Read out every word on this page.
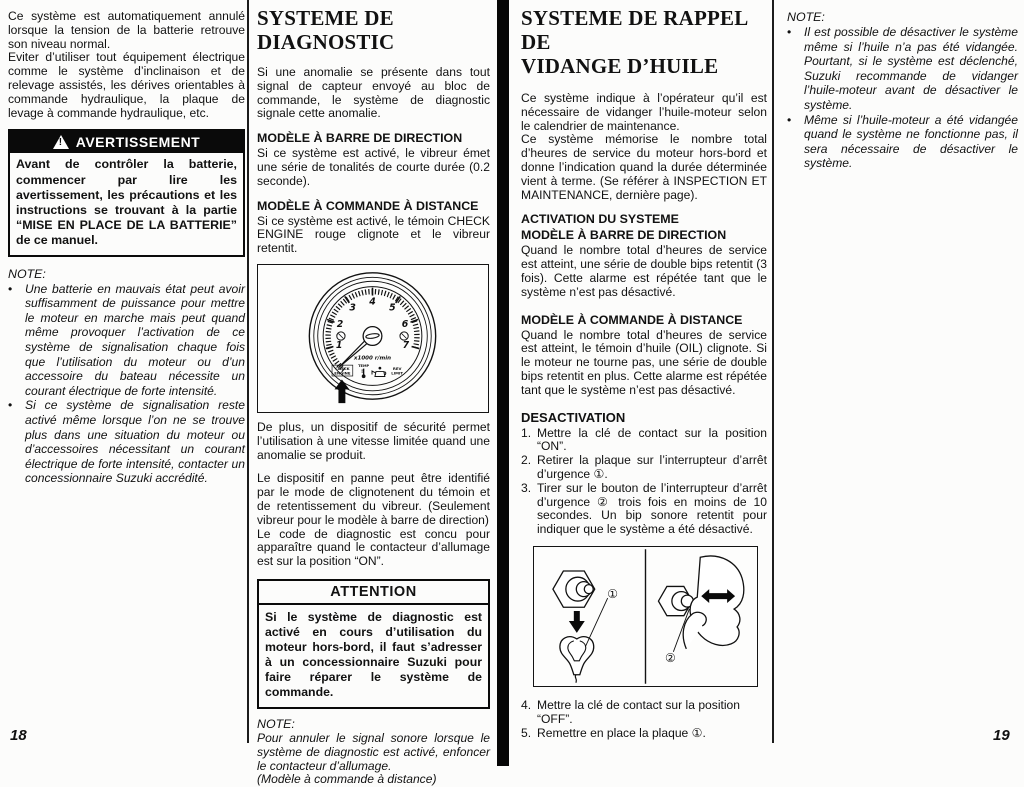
Ce système est automatiquement annulé lorsque la tension de la batterie retrouve son niveau normal.

Eviter d’utiliser tout équipement électrique comme le système d’inclinaison et de relevage assistés, les dérives orientables à commande hydraulique, la plaque de levage à commande hydraulique, etc.

! AVERTISSEMENT
Avant de contrôler la batterie, commencer par lire les avertissement, les précautions et les instructions se trouvant à la partie “MISE EN PLACE DE LA BATTERIE” de ce manuel.

NOTE:

•	Une batterie en mauvais état peut avoir suffisamment de puissance pour mettre le moteur en marche mais peut quand même provoquer l’activation de ce système de signalisation chaque fois que l’utilisation du moteur ou d’un accessoire du bateau nécessite un courant électrique de forte intensité.
•	Si ce système de signalisation reste activé même lorsque l’on ne se trouve plus dans une situation du moteur ou d’accessoires nécessitant un courant électrique de forte intensité, contacter un concessionnaire Suzuki accrédité.
SYSTEME DE
DIAGNOSTIC

Si une anomalie se présente dans tout signal de capteur envoyé au bloc de commande, le système de diagnostic signale cette anomalie.

MODÈLE À BARRE DE DIRECTION

Si ce système est activé, le vibreur émet une série de tonalités de courte durée (0.2 seconde).

MODÈLE À COMMANDE À DISTANCE

Si ce système est activé, le témoin CHECK ENGINE rouge clignote et le vibreur retentit.

1
2
3
4
5
6
7
x1000 r/min
CHECK
ENGINE
TEMP	REV
LIMIT

De plus, un dispositif de sécurité permet l’utilisation à une vitesse limitée quand une anomalie se produit.

Le dispositif en panne peut être identifié par le mode de clignotenent du témoin et de retentissement du vibreur. (Seulement vibreur pour le modèle à barre de direction)

Le code de diagnostic est concu pour apparaître quand le contacteur d’allumage est sur la position “ON”.

ATTENTION
Si le système de diagnostic est activé en cours d’utilisation du moteur hors-bord, il faut s’adresser à un concessionnaire Suzuki pour faire réparer le système de commande.

NOTE:

Pour annuler le signal sonore lorsque le système de diagnostic est activé, enfoncer le contacteur d’allumage.

(Modèle à commande à distance)

SYSTEME DE RAPPEL DE
VIDANGE D’HUILE

Ce système indique à l’opérateur qu’il est nécessaire de vidanger l’huile-moteur selon le calendrier de maintenance.

Ce système mémorise le nombre total d’heures de service du moteur hors-bord et donne l’indication quand la durée déterminée vient à terme. (Se référer à INSPECTION ET MAINTENANCE, dernière page).

ACTIVATION DU SYSTEME

MODÈLE À BARRE DE DIRECTION

Quand le nombre total d’heures de service est atteint, une série de double bips retentit (3 fois). Cette alarme est répétée tant que le système n’est pas désactivé.

MODÈLE À COMMANDE À DISTANCE

Quand le nombre total d’heures de service est atteint, le témoin d’huile (OIL) clignote. Si le moteur ne tourne pas, une série de double bips retentit en plus. Cette alarme est répétée tant que le système n’est pas désactivé.

DESACTIVATION

1. Mettre la clé de contact sur la position “ON”.
2. Retirer la plaque sur l’interrupteur d’arrêt d’urgence ①.
3. Tirer sur le bouton de l’interrupteur d’arrêt d’urgence ② trois fois en moins de 10 secondes. Un bip sonore retentit pour indiquer que le système a été désactivé.
①
②
4. Mettre la clé de contact sur la position “OFF”.
5. Remettre en place la plaque ①.

NOTE:

•	Il est possible de désactiver le système même si l’huile n’a pas été vidangée. Pourtant, si le système est déclenché, Suzuki recommande de vidanger l’huile-moteur avant de désactiver le système.
•	Même si l’huile-moteur a été vidangée quand le système ne fonctionne pas, il sera nécessaire de désactiver le système.
18	19
